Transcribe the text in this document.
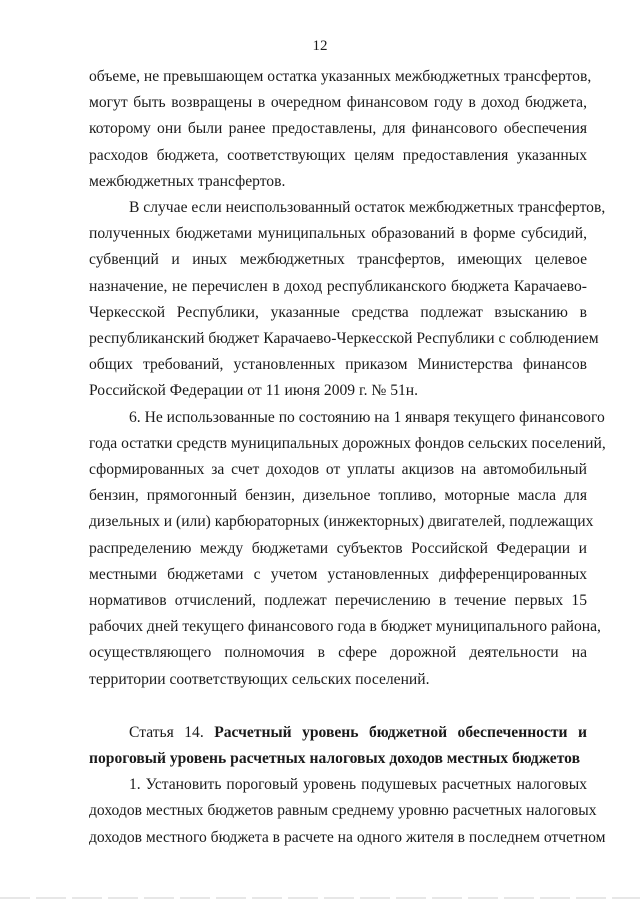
12

объеме, не превышающем остатка указанных межбюджетных трансфертов,
могут быть возвращены в очередном финансовом году в доход бюджета,
которому они были ранее предоставлены, для финансового обеспечения
расходов бюджета, соответствующих целям предоставления указанных
межбюджетных трансфертов.

В случае если неиспользованный остаток межбюджетных трансфертов,
полученных бюджетами муниципальных образований в форме субсидий,
субвенций и иных межбюджетных трансфертов, имеющих целевое
назначение, не перечислен в доход республиканского бюджета Карачаево-
Черкесской Республики, указанные средства подлежат взысканию в
республиканский бюджет Карачаево-Черкесской Республики с соблюдением
общих требований, установленных приказом Министерства финансов
Российской Федерации от 11 июня 2009 г. № 51н.

6. Не использованные по состоянию на 1 января текущего финансового
года остатки средств муниципальных дорожных фондов сельских поселений,
сформированных за счет доходов от уплаты акцизов на автомобильный
бензин, прямогонный бензин, дизельное топливо, моторные масла для
дизельных и (или) карбюраторных (инжекторных) двигателей, подлежащих
распределению между бюджетами субъектов Российской Федерации и
местными бюджетами с учетом установленных дифференцированных
нормативов отчислений, подлежат перечислению в течение первых 15
рабочих дней текущего финансового года в бюджет муниципального района,
осуществляющего полномочия в сфере дорожной деятельности на
территории соответствующих сельских поселений.

Статья 14. Расчетный уровень бюджетной обеспеченности и
пороговый уровень расчетных налоговых доходов местных бюджетов

1. Установить пороговый уровень подушевых расчетных налоговых
доходов местных бюджетов равным среднему уровню расчетных налоговых
доходов местного бюджета в расчете на одного жителя в последнем отчетном
